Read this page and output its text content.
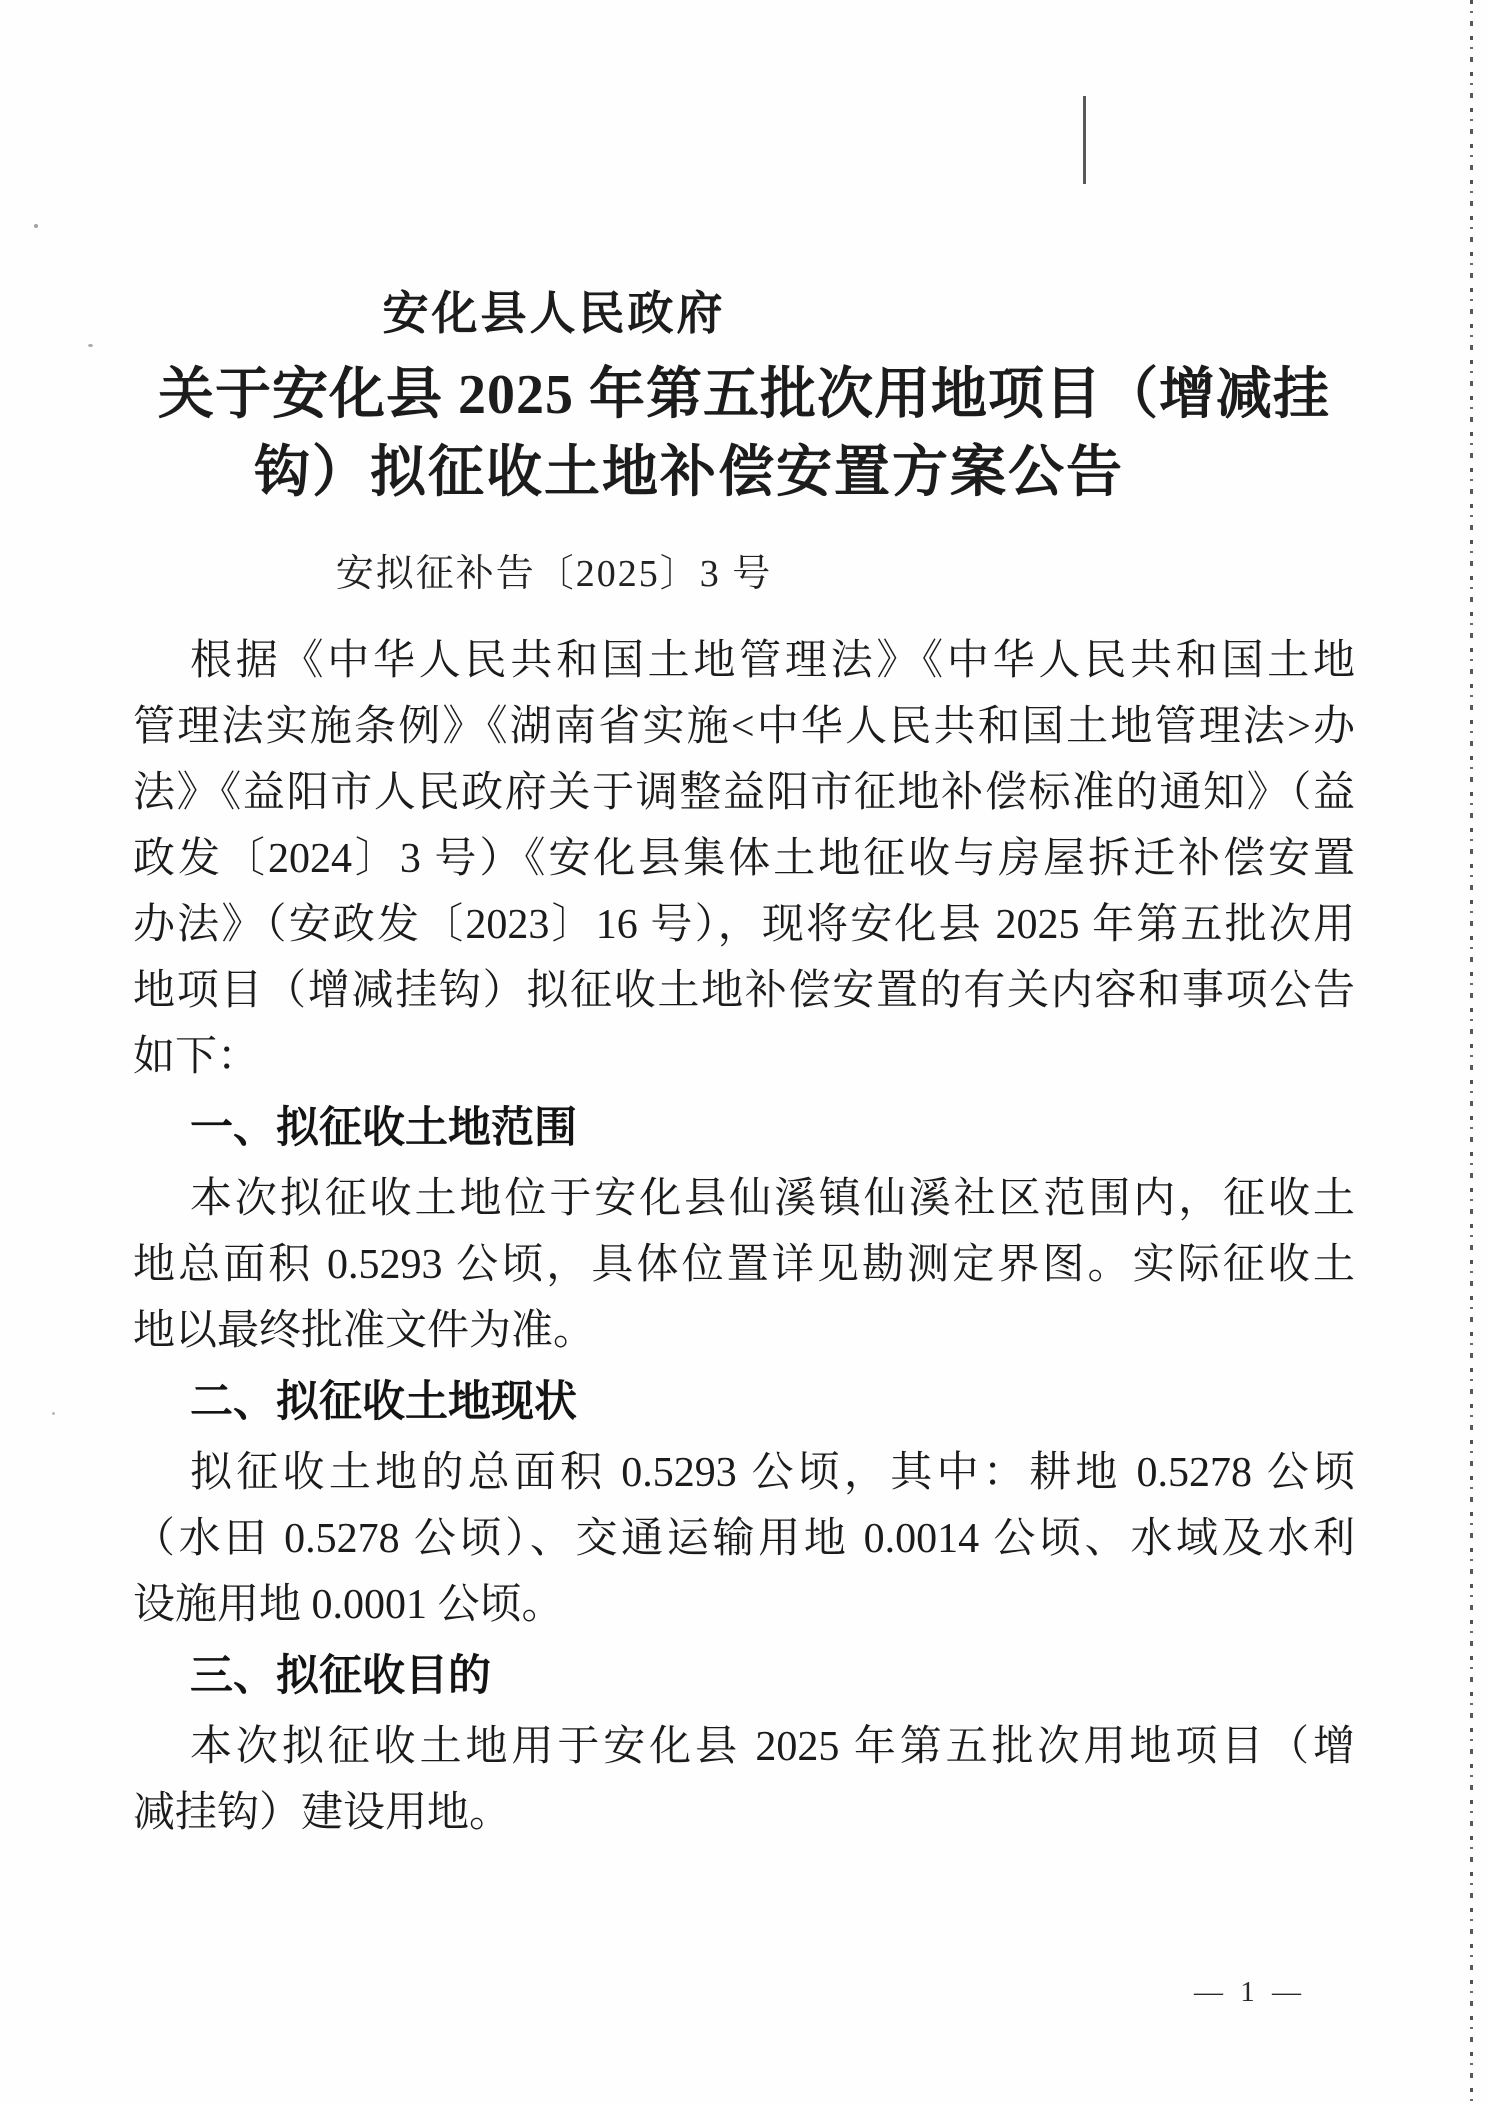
安化县人民政府
关于安化县 2025 年第五批次用地项目（增减挂
钩）拟征收土地补偿安置方案公告
安拟征补告〔2025〕3 号
根据《中华人民共和国土地管理法》《中华人民共和国土地
管理法实施条例》《湖南省实施<中华人民共和国土地管理法>办
法》《益阳市人民政府关于调整益阳市征地补偿标准的通知》（益
政发〔2024〕3 号）《安化县集体土地征收与房屋拆迁补偿安置
办法》（安政发〔2023〕16 号），现将安化县 2025 年第五批次用
地项目（增减挂钩）拟征收土地补偿安置的有关内容和事项公告
如下：
一、拟征收土地范围
本次拟征收土地位于安化县仙溪镇仙溪社区范围内，征收土
地总面积 0.5293 公顷，具体位置详见勘测定界图。实际征收土
地以最终批准文件为准。
二、拟征收土地现状
拟征收土地的总面积 0.5293 公顷，其中：耕地 0.5278 公顷
（水田 0.5278 公顷）、交通运输用地 0.0014 公顷、水域及水利
设施用地 0.0001 公顷。
三、拟征收目的
本次拟征收土地用于安化县 2025 年第五批次用地项目（增
减挂钩）建设用地。
— 1 —
